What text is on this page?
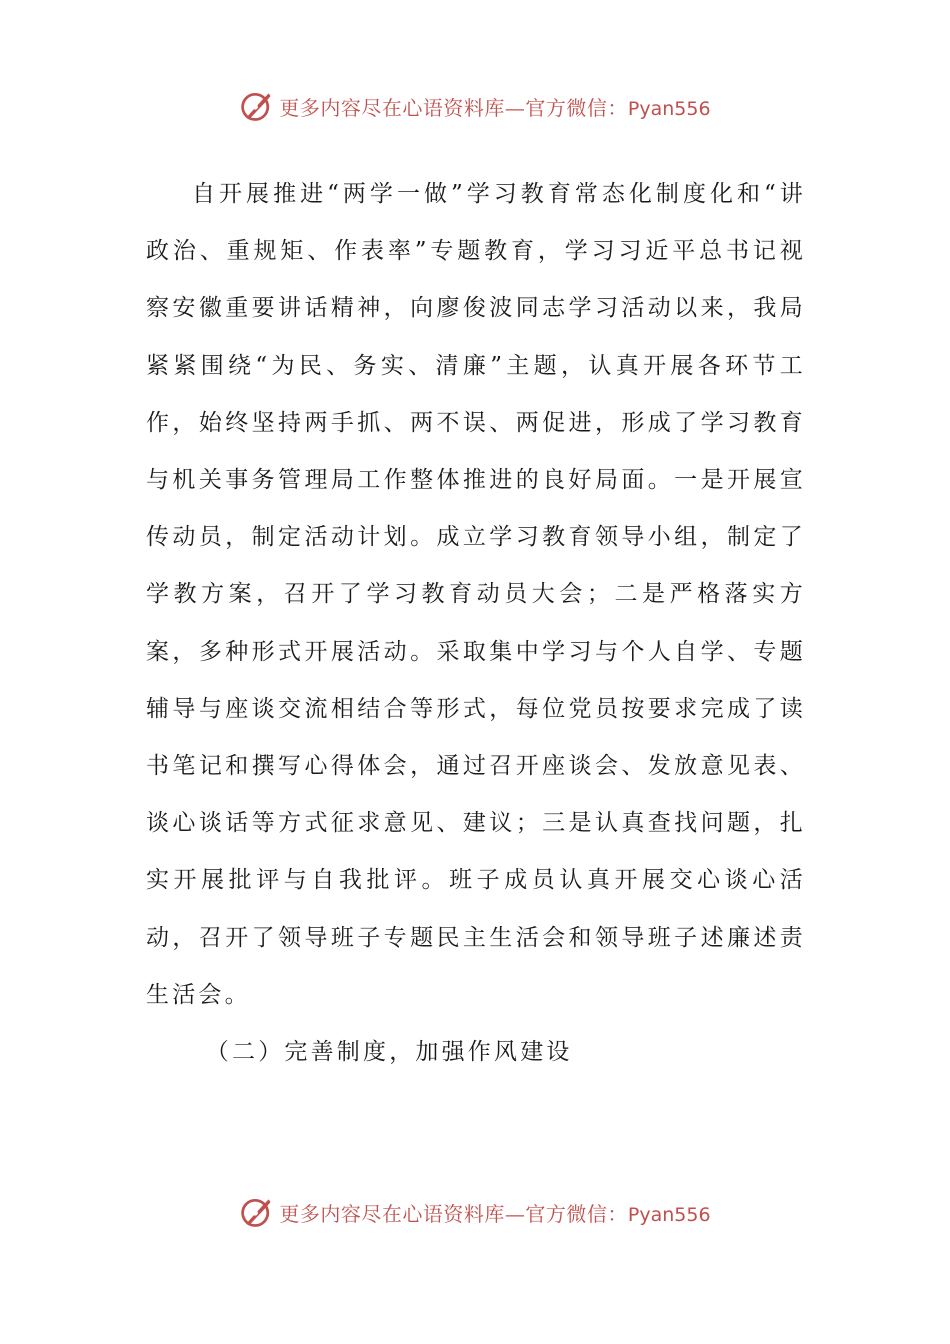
更多内容尽在心语资料库—官方微信：Pyan556

自开展推进“两学一做”学习教育常态化制度化和“讲政治、重规矩、作表率”专题教育，学习习近平总书记视察安徽重要讲话精神，向廖俊波同志学习活动以来，我局紧紧围绕“为民、务实、清廉”主题，认真开展各环节工作，始终坚持两手抓、两不误、两促进，形成了学习教育与机关事务管理局工作整体推进的良好局面。一是开展宣传动员，制定活动计划。成立学习教育领导小组，制定了学教方案，召开了学习教育动员大会；二是严格落实方案，多种形式开展活动。采取集中学习与个人自学、专题辅导与座谈交流相结合等形式，每位党员按要求完成了读书笔记和撰写心得体会，通过召开座谈会、发放意见表、谈心谈话等方式征求意见、建议；三是认真查找问题，扎实开展批评与自我批评。班子成员认真开展交心谈心活动，召开了领导班子专题民主生活会和领导班子述廉述责生活会。

（二）完善制度，加强作风建设

更多内容尽在心语资料库—官方微信：Pyan556
